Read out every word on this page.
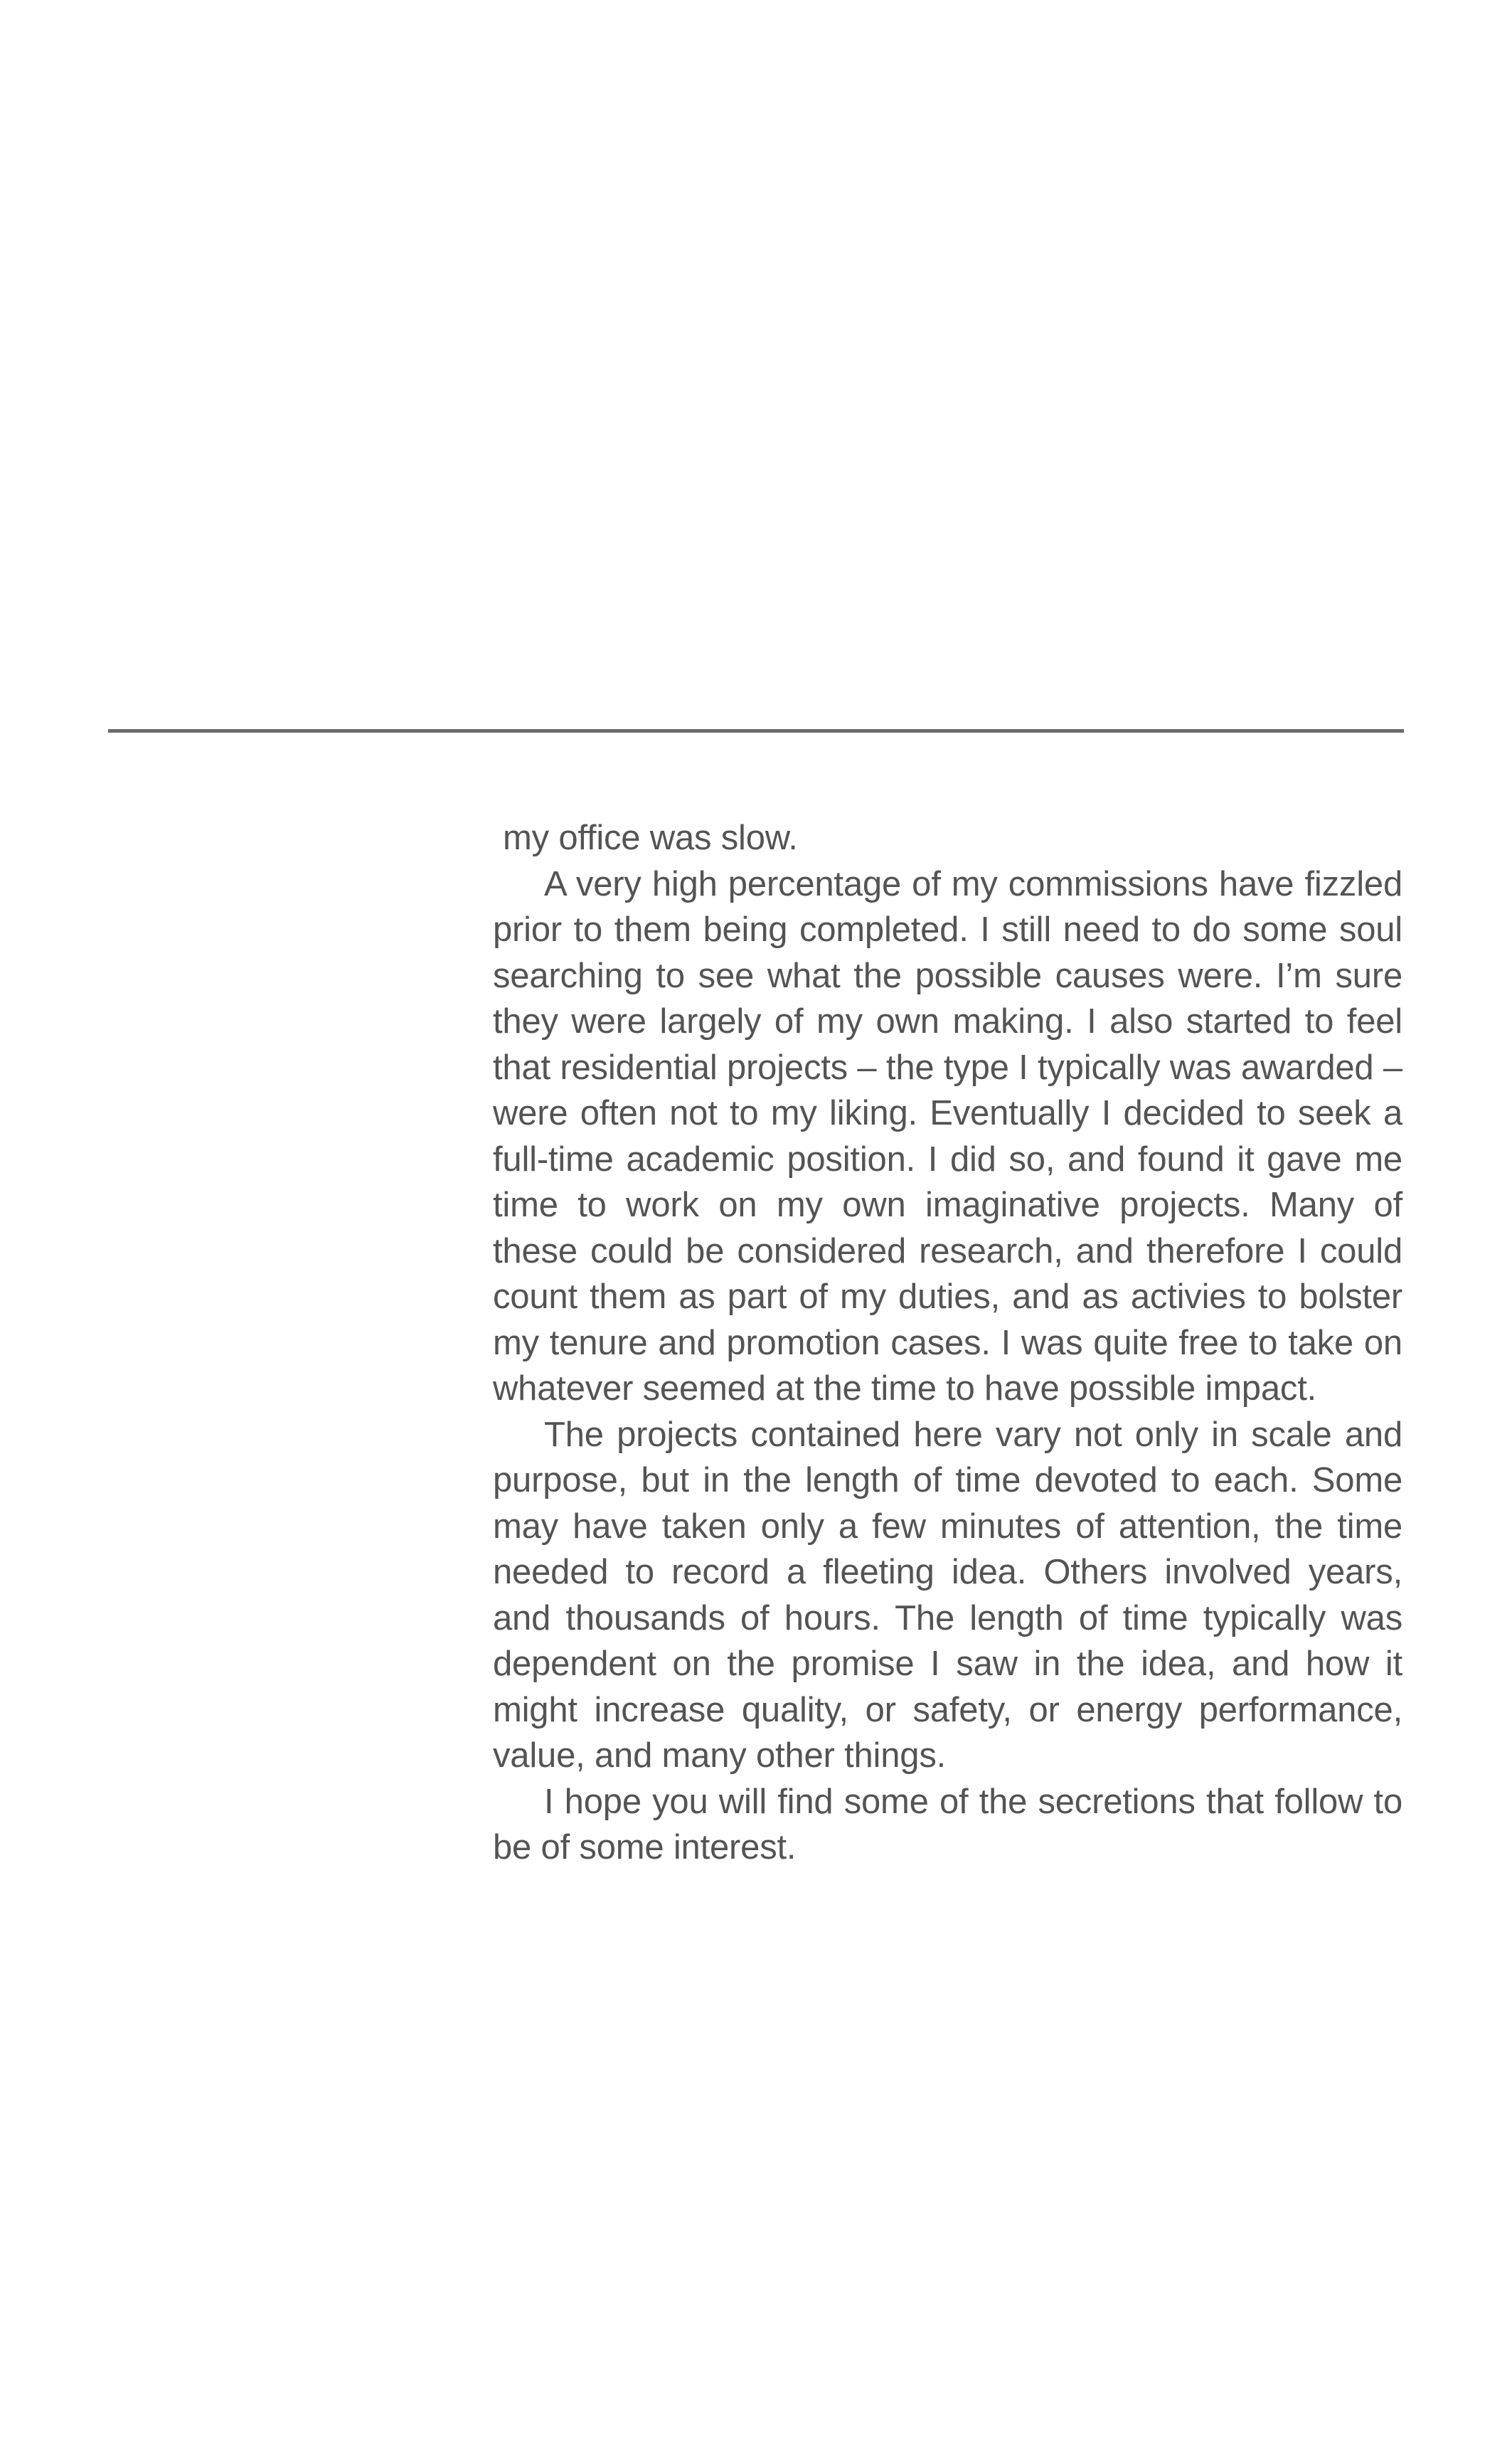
my office was slow.

A very high percentage of my commissions have fizzled prior to them being completed. I still need to do some soul searching to see what the possible causes were. I’m sure they were largely of my own making. I also started to feel that residential projects – the type I typically was awarded – were often not to my liking. Eventually I decided to seek a full-time academic position. I did so, and found it gave me time to work on my own imaginative projects. Many of these could be considered research, and therefore I could count them as part of my duties, and as activies to bolster my tenure and promotion cases. I was quite free to take on whatever seemed at the time to have possible impact.

The projects contained here vary not only in scale and purpose, but in the length of time devoted to each. Some may have taken only a few minutes of attention, the time needed to record a fleeting idea. Others involved years, and thousands of hours. The length of time typically was dependent on the promise I saw in the idea, and how it might increase quality, or safety, or energy performance, value, and many other things.

I hope you will find some of the secretions that follow to be of some interest.
